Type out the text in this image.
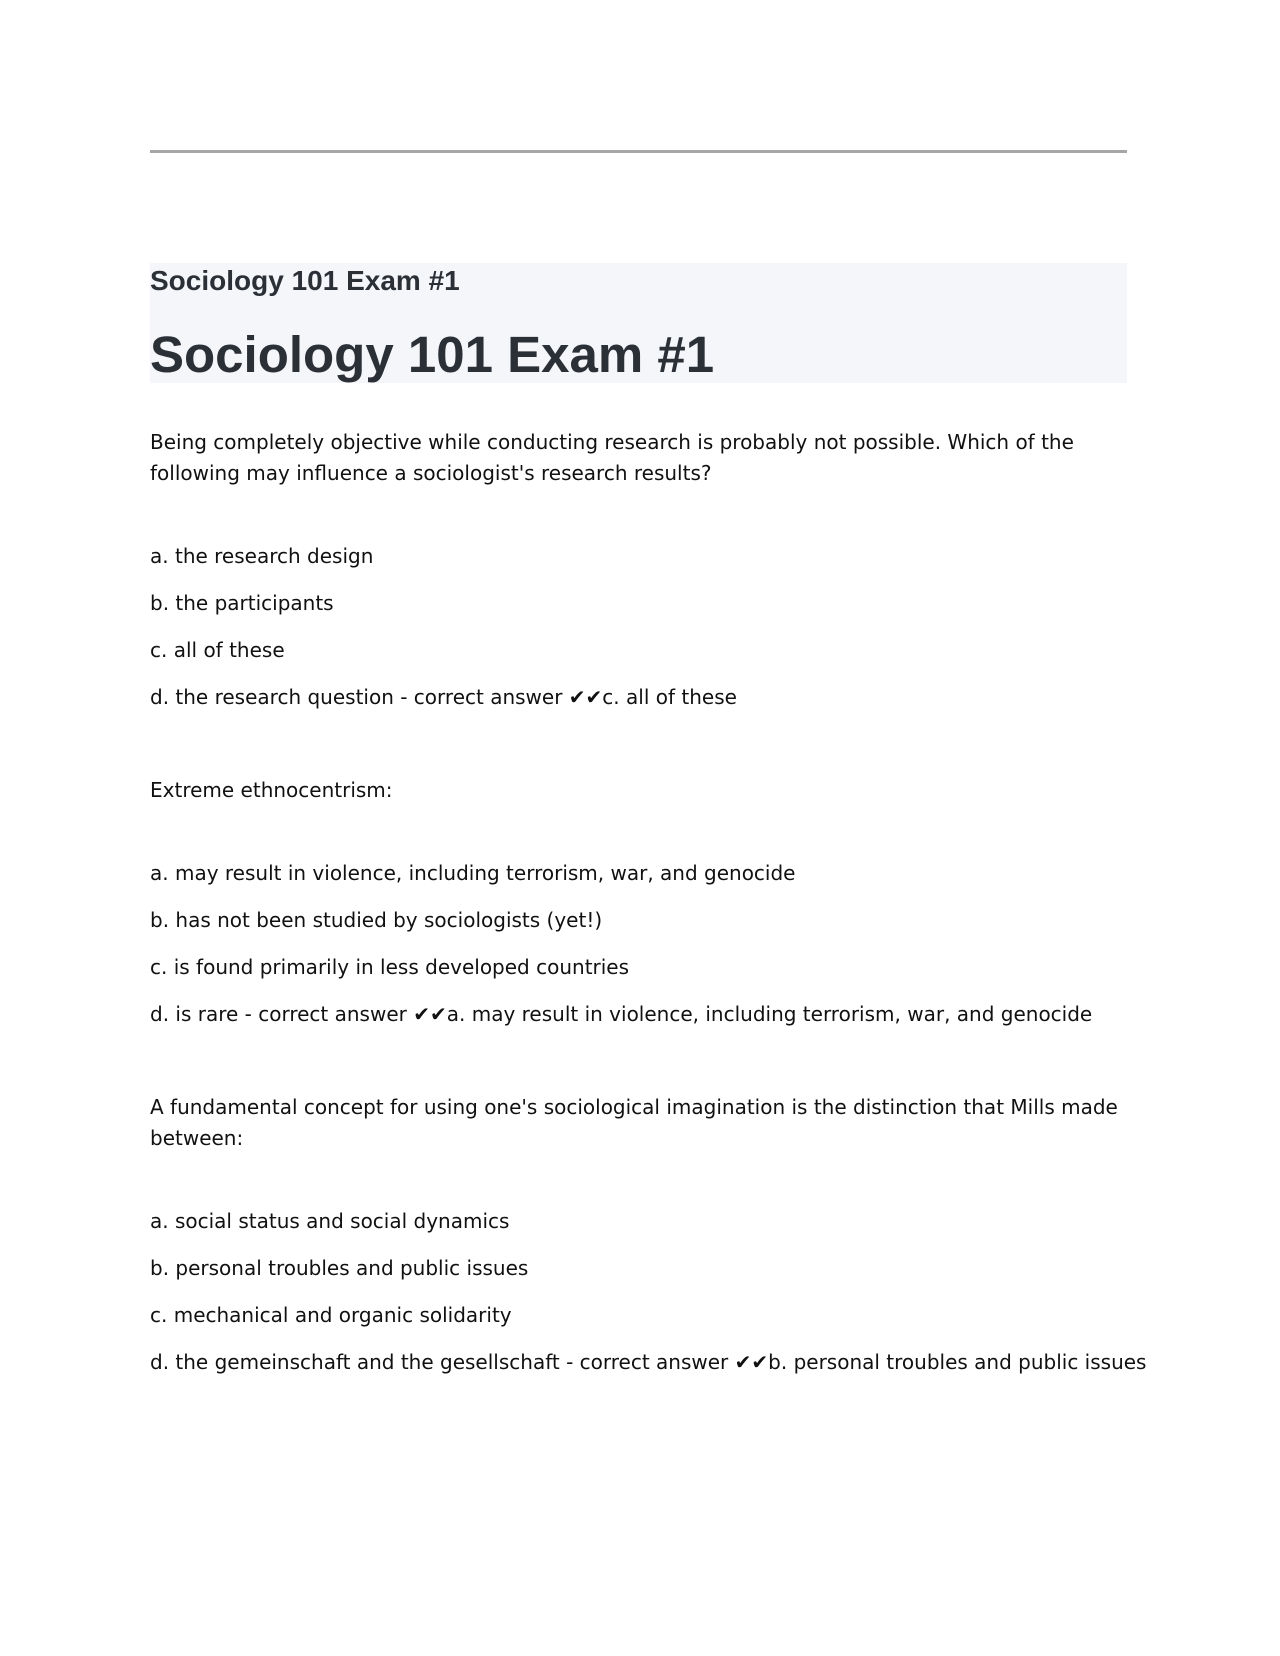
Sociology 101 Exam #1
Sociology 101 Exam #1

Being completely objective while conducting research is probably not possible. Which of the following may influence a sociologist's research results?

a. the research design
b. the participants
c. all of these
d. the research question - correct answer ✔✔c. all of these

Extreme ethnocentrism:

a. may result in violence, including terrorism, war, and genocide
b. has not been studied by sociologists (yet!)
c. is found primarily in less developed countries
d. is rare - correct answer ✔✔a. may result in violence, including terrorism, war, and genocide

A fundamental concept for using one's sociological imagination is the distinction that Mills made between:

a. social status and social dynamics
b. personal troubles and public issues
c. mechanical and organic solidarity
d. the gemeinschaft and the gesellschaft - correct answer ✔✔b. personal troubles and public issues
